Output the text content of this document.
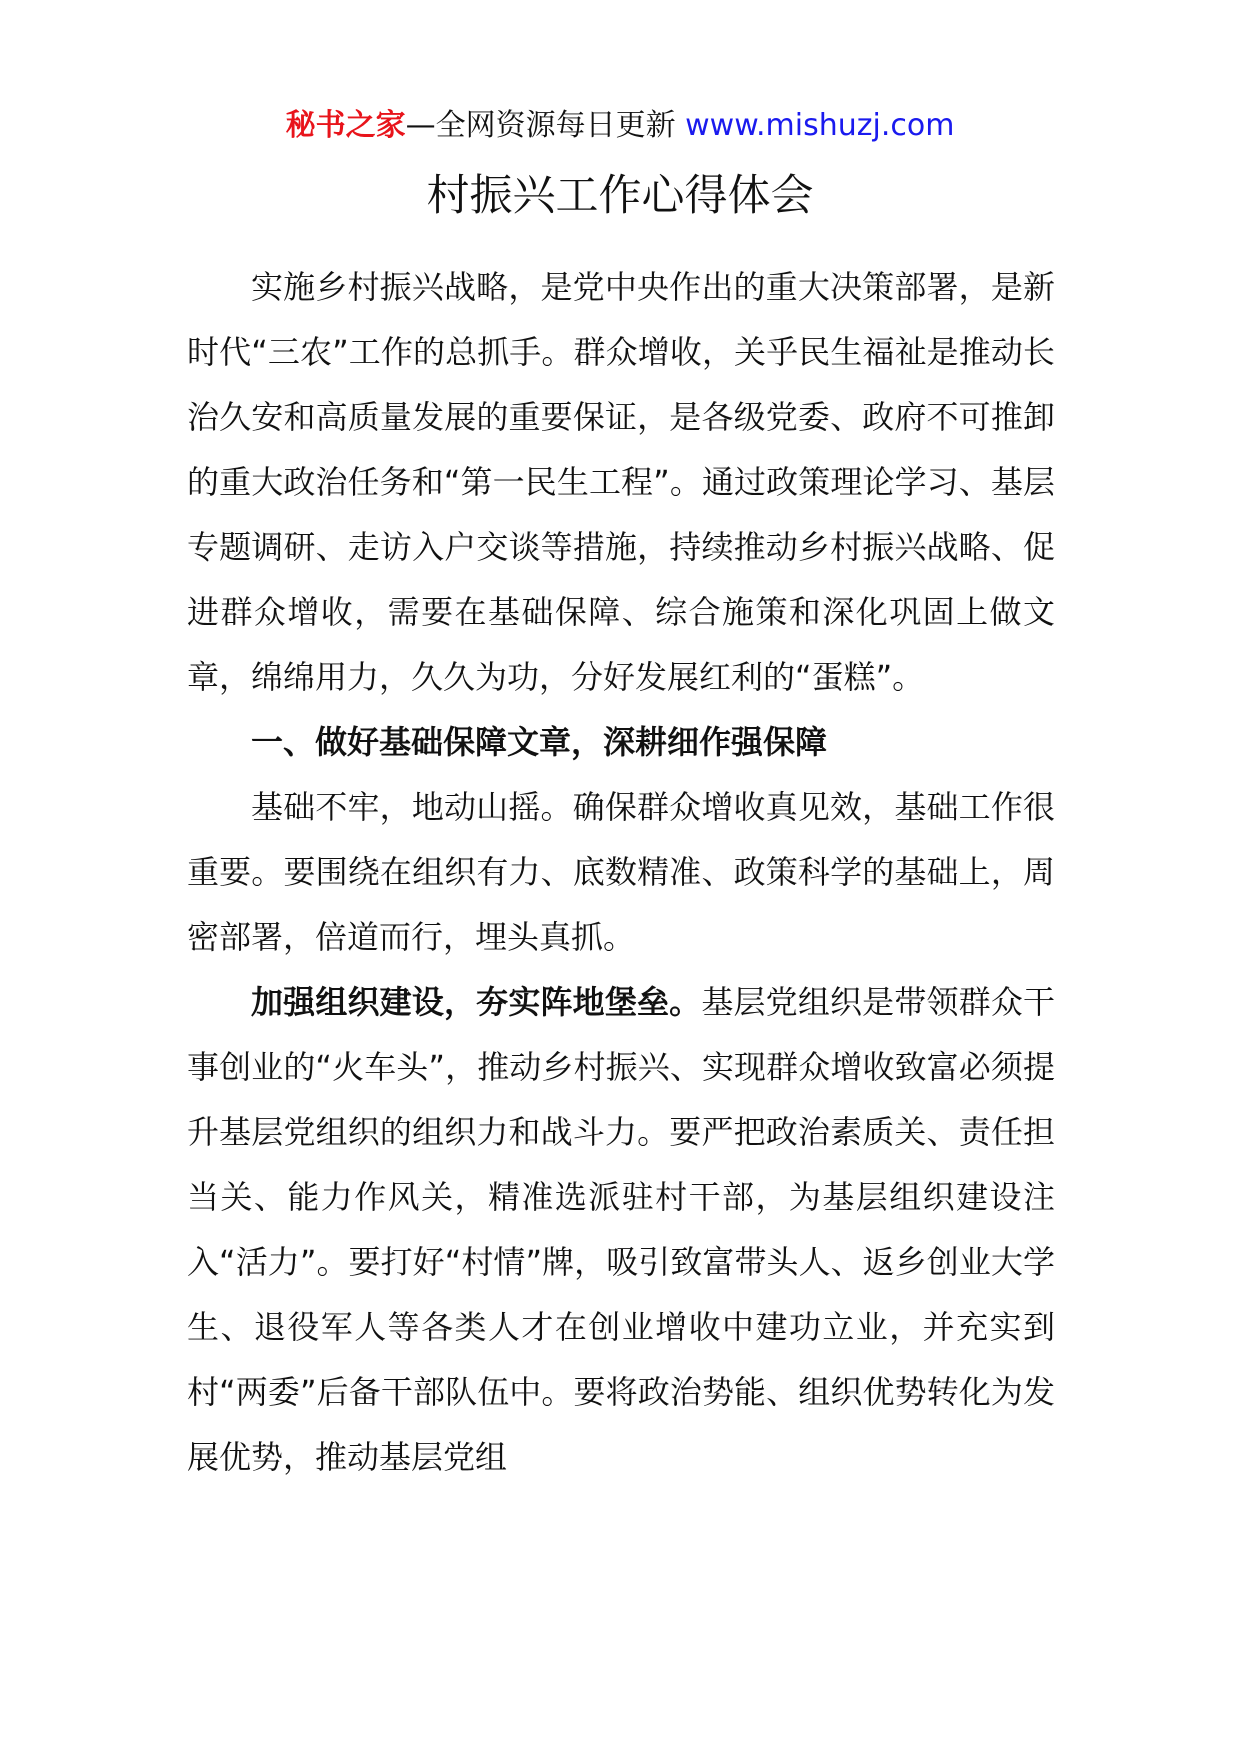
秘书之家—全网资源每日更新 www.mishuzj.com
村振兴工作心得体会

实施乡村振兴战略，是党中央作出的重大决策部署，是新时代“三农”工作的总抓手。群众增收，关乎民生福祉是推动长治久安和高质量发展的重要保证，是各级党委、政府不可推卸的重大政治任务和“第一民生工程”。通过政策理论学习、基层专题调研、走访入户交谈等措施，持续推动乡村振兴战略、促进群众增收，需要在基础保障、综合施策和深化巩固上做文章，绵绵用力，久久为功，分好发展红利的“蛋糕”。

一、做好基础保障文章，深耕细作强保障

基础不牢，地动山摇。确保群众增收真见效，基础工作很重要。要围绕在组织有力、底数精准、政策科学的基础上，周密部署，倍道而行，埋头真抓。

加强组织建设，夯实阵地堡垒。基层党组织是带领群众干事创业的“火车头”，推动乡村振兴、实现群众增收致富必须提升基层党组织的组织力和战斗力。要严把政治素质关、责任担当关、能力作风关，精准选派驻村干部，为基层组织建设注入“活力”。要打好“村情”牌，吸引致富带头人、返乡创业大学生、退役军人等各类人才在创业增收中建功立业，并充实到村“两委”后备干部队伍中。要将政治势能、组织优势转化为发展优势，推动基层党组
